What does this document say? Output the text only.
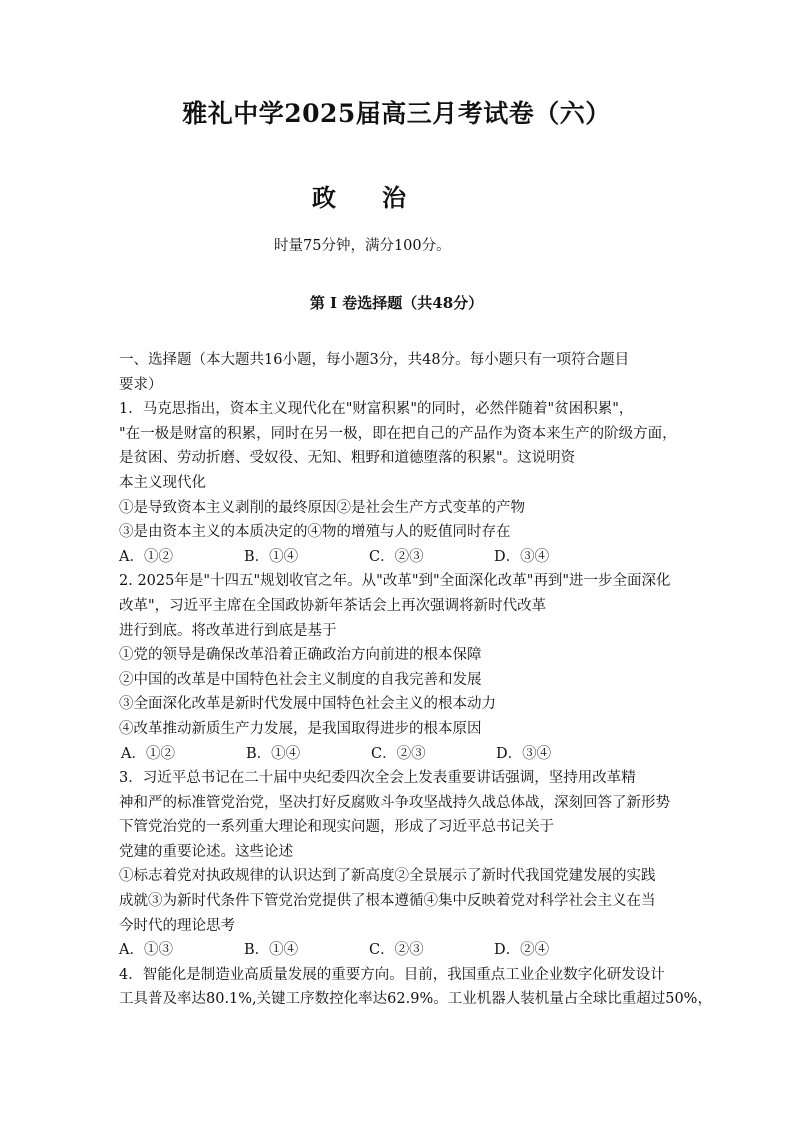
雅礼中学2025届高三月考试卷（六）
政 治
时量75分钟，满分100分。
第 I 卷选择题（共48分）
一、选择题（本大题共16小题，每小题3分，共48分。每小题只有一项符合题目
要求）
1．马克思指出，资本主义现代化在"财富积累"的同时，必然伴随着"贫困积累"，
"在一极是财富的积累，同时在另一极，即在把自己的产品作为资本来生产的阶级方面，
是贫困、劳动折磨、受奴役、无知、粗野和道德堕落的积累"。这说明资
本主义现代化
①是导致资本主义剥削的最终原因②是社会生产方式变革的产物
③是由资本主义的本质决定的④物的增殖与人的贬值同时存在
A．①②	B．①④	C．②③	D．③④
2. 2025年是"十四五"规划收官之年。从"改革"到"全面深化改革"再到"进一步全面深化
改革"，习近平主席在全国政协新年茶话会上再次强调将新时代改革
进行到底。将改革进行到底是基于
①党的领导是确保改革沿着正确政治方向前进的根本保障
②中国的改革是中国特色社会主义制度的自我完善和发展
③全面深化改革是新时代发展中国特色社会主义的根本动力
④改革推动新质生产力发展，是我国取得进步的根本原因
A．①②	B．①④	C．②③	D．③④
3．习近平总书记在二十届中央纪委四次全会上发表重要讲话强调，坚持用改革精
神和严的标准管党治党，坚决打好反腐败斗争攻坚战持久战总体战，深刻回答了新形势
下管党治党的一系列重大理论和现实问题，形成了习近平总书记关于
党建的重要论述。这些论述
①标志着党对执政规律的认识达到了新高度②全景展示了新时代我国党建发展的实践
成就③为新时代条件下管党治党提供了根本遵循④集中反映着党对科学社会主义在当
今时代的理论思考
A．①③	B．①④	C．②③	D．②④
4．智能化是制造业高质量发展的重要方向。目前，我国重点工业企业数字化研发设计
工具普及率达80.1%,关键工序数控化率达62.9%。工业机器人装机量占全球比重超过50%，
